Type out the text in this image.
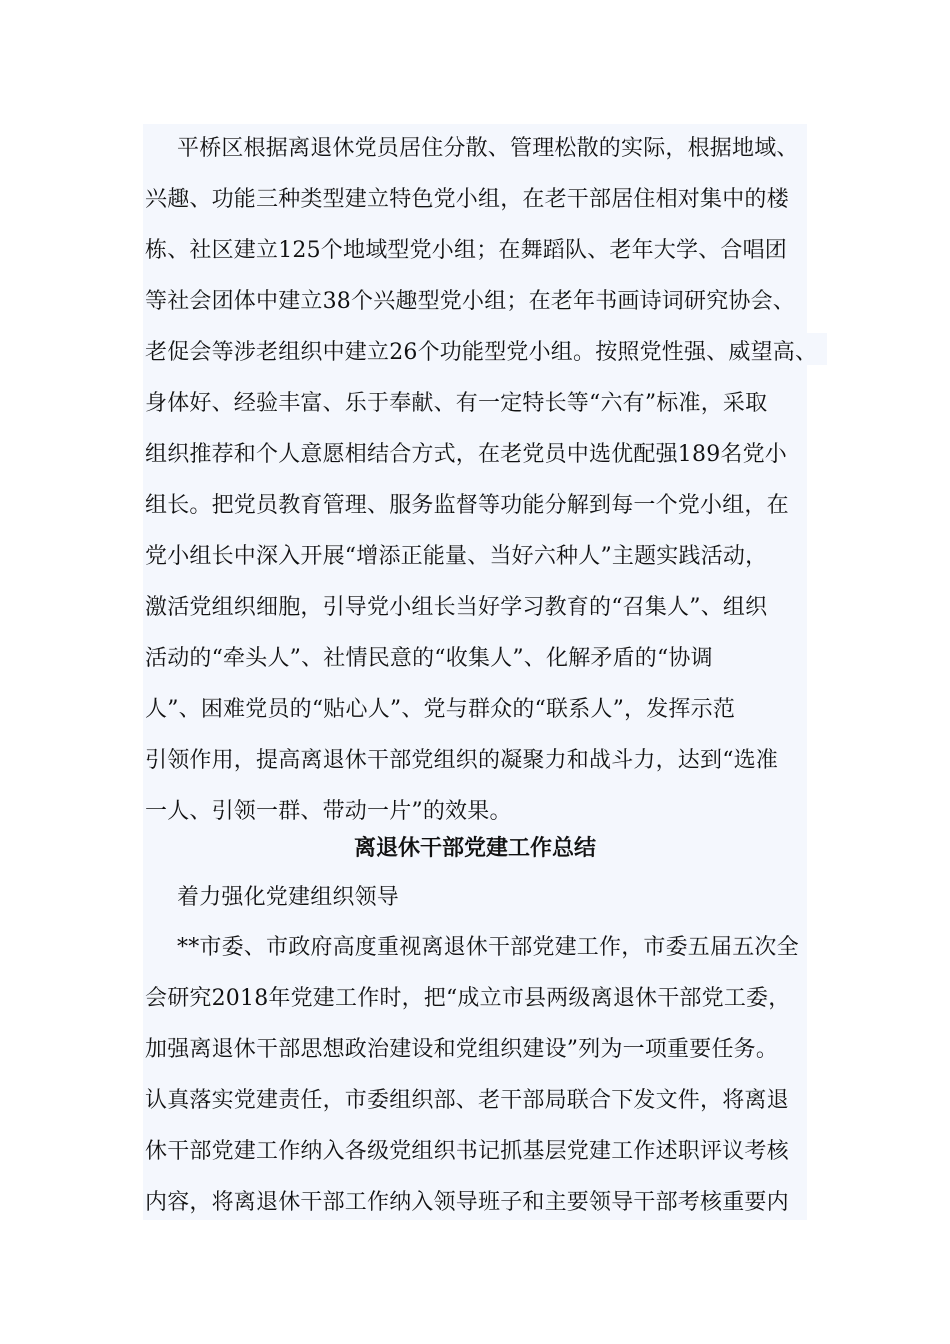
平桥区根据离退休党员居住分散、管理松散的实际，根据地域、
兴趣、功能三种类型建立特色党小组，在老干部居住相对集中的楼
栋、社区建立125个地域型党小组；在舞蹈队、老年大学、合唱团
等社会团体中建立38个兴趣型党小组；在老年书画诗词研究协会、
老促会等涉老组织中建立26个功能型党小组。按照党性强、威望高、
身体好、经验丰富、乐于奉献、有一定特长等“六有”标准，采取
组织推荐和个人意愿相结合方式，在老党员中选优配强189名党小
组长。把党员教育管理、服务监督等功能分解到每一个党小组，在
党小组长中深入开展“增添正能量、当好六种人”主题实践活动，
激活党组织细胞，引导党小组长当好学习教育的“召集人”、组织
活动的“牵头人”、社情民意的“收集人”、化解矛盾的“协调
人”、困难党员的“贴心人”、党与群众的“联系人”，发挥示范
引领作用，提高离退休干部党组织的凝聚力和战斗力，达到“选准
一人、引领一群、带动一片”的效果。
离退休干部党建工作总结
着力强化党建组织领导
**市委、市政府高度重视离退休干部党建工作，市委五届五次全
会研究2018年党建工作时，把“成立市县两级离退休干部党工委，
加强离退休干部思想政治建设和党组织建设”列为一项重要任务。
认真落实党建责任，市委组织部、老干部局联合下发文件，将离退
休干部党建工作纳入各级党组织书记抓基层党建工作述职评议考核
内容，将离退休干部工作纳入领导班子和主要领导干部考核重要内
